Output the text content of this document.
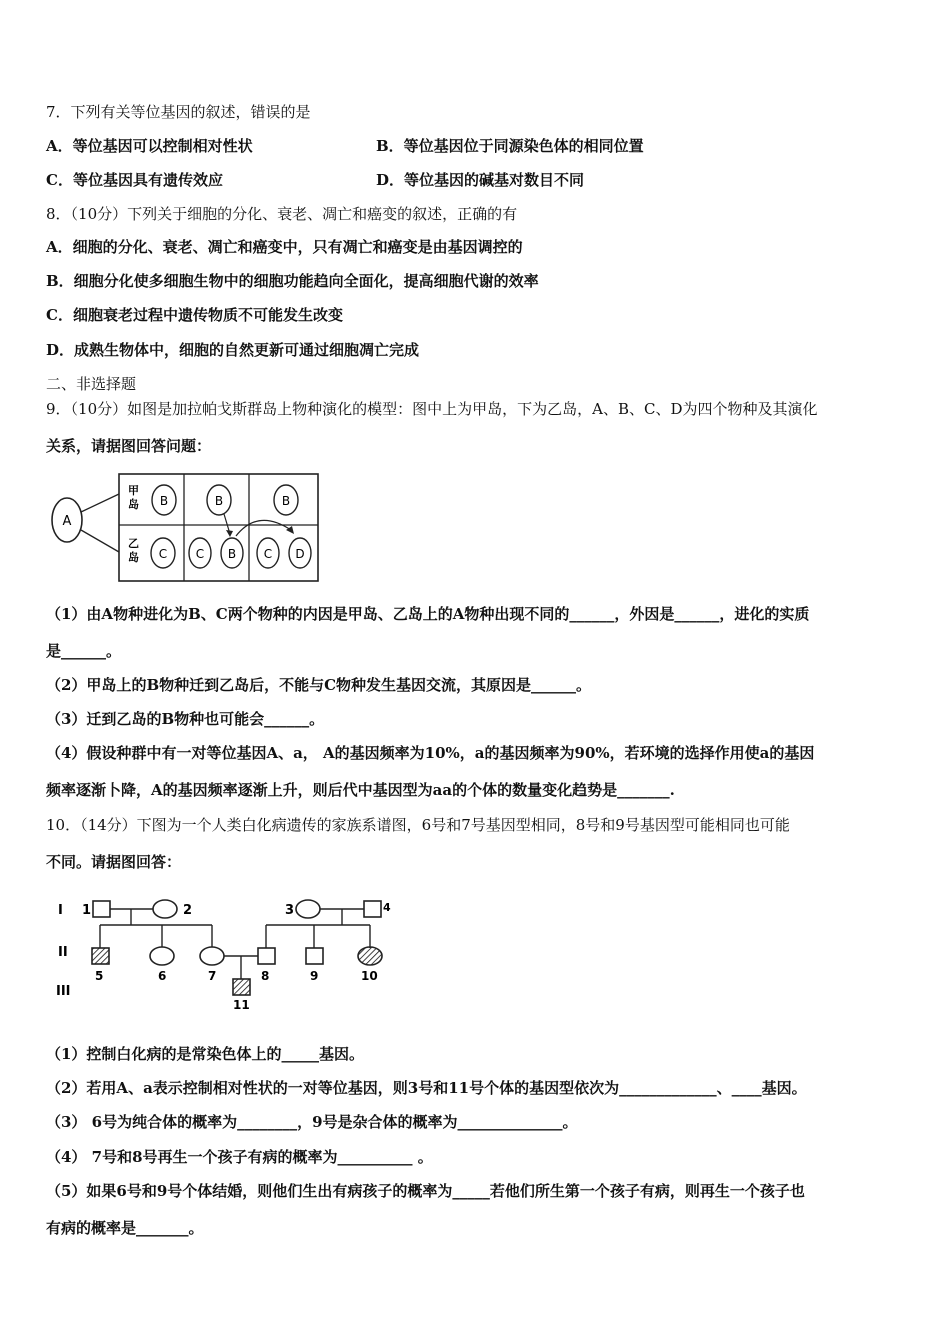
7．下列有关等位基因的叙述，错误的是
A．等位基因可以控制相对性状	B．等位基因位于同源染色体的相同位置
C．等位基因具有遗传效应	D．等位基因的碱基对数目不同
8．（10分）下列关于细胞的分化、衰老、凋亡和癌变的叙述，正确的有
A．细胞的分化、衰老、凋亡和癌变中，只有凋亡和癌变是由基因调控的
B．细胞分化使多细胞生物中的细胞功能趋向全面化，提高细胞代谢的效率
C．细胞衰老过程中遗传物质不可能发生改变
D．成熟生物体中，细胞的自然更新可通过细胞凋亡完成
二、非选择题
9．（10分）如图是加拉帕戈斯群岛上物种演化的模型：图中上为甲岛，下为乙岛，A、B、C、D为四个物种及其演化
关系，请据图回答问题：
A
甲
岛
乙
岛
B	B	B
C C B C D
（1）由A物种进化为B、C两个物种的内因是甲岛、乙岛上的A物种出现不同的______，外因是______，进化的实质
是______。
（2）甲岛上的B物种迁到乙岛后，不能与C物种发生基因交流，其原因是______。
（3）迁到乙岛的B物种也可能会______。
（4）假设种群中有一对等位基因A、a， A的基因频率为10%，a的基因频率为90%，若环境的选择作用使a的基因
频率逐渐卜降，A的基因频率逐渐上升，则后代中基因型为aa的个体的数量变化趋势是_______.
10．（14分）下图为一个人类白化病遗传的家族系谱图，6号和7号基因型相同，8号和9号基因型可能相同也可能
不同。请据图回答：
I
II
III
1	2	3	4
5	6	7	8	9	10
11
（1）控制白化病的是常染色体上的_____基因。
（2）若用A、a表示控制相对性状的一对等位基因，则3号和11号个体的基因型依次为_____________、____基因。
（3） 6号为纯合体的概率为________，9号是杂合体的概率为______________。
（4） 7号和8号再生一个孩子有病的概率为__________ 。
（5）如果6号和9号个体结婚，则他们生出有病孩子的概率为_____若他们所生第一个孩子有病，则再生一个孩子也
有病的概率是_______。
